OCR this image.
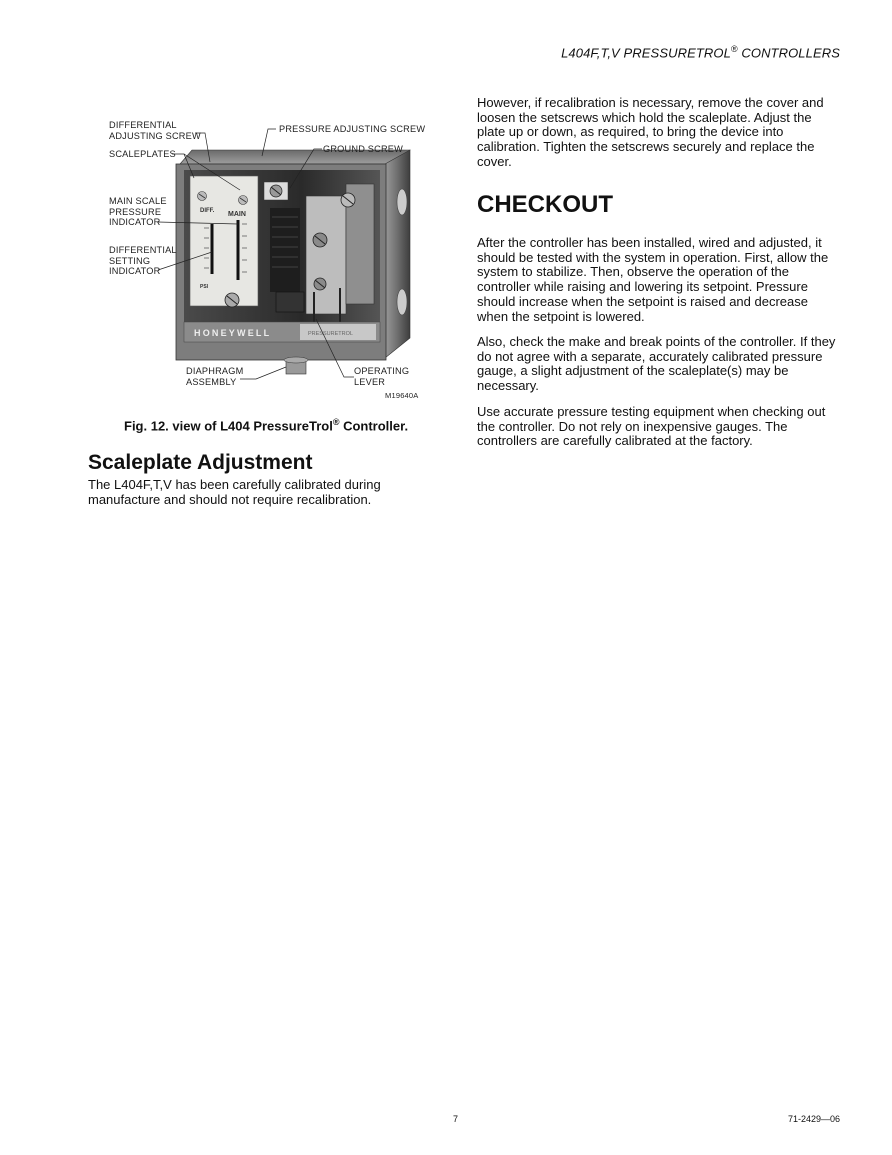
L404F,T,V PRESSURETROL® CONTROLLERS
DIFF. MAIN
PSI
HONEYWELL	PRESSURETROL
DIFFERENTIAL
ADJUSTING SCREW
SCALEPLATES
MAIN SCALE
PRESSURE
INDICATOR
DIFFERENTIAL
SETTING
INDICATOR
PRESSURE ADJUSTING SCREW
GROUND SCREW
DIAPHRAGM
ASSEMBLY
OPERATING
LEVER
M19640A
Fig. 12. view of L404 PressureTrol® Controller.
Scaleplate Adjustment

The L404F,T,V has been carefully calibrated during manufacture and should not require recalibration.

However, if recalibration is necessary, remove the cover and loosen the setscrews which hold the scaleplate. Adjust the plate up or down, as required, to bring the device into calibration. Tighten the setscrews securely and replace the cover.

CHECKOUT

After the controller has been installed, wired and adjusted, it should be tested with the system in operation. First, allow the system to stabilize. Then, observe the operation of the controller while raising and lowering its setpoint. Pressure should increase when the setpoint is raised and decrease when the setpoint is lowered.

Also, check the make and break points of the controller. If they do not agree with a separate, accurately calibrated pressure gauge, a slight adjustment of the scaleplate(s) may be necessary.

Use accurate pressure testing equipment when checking out the controller. Do not rely on inexpensive gauges. The controllers are carefully calibrated at the factory.

7	71-2429—06
